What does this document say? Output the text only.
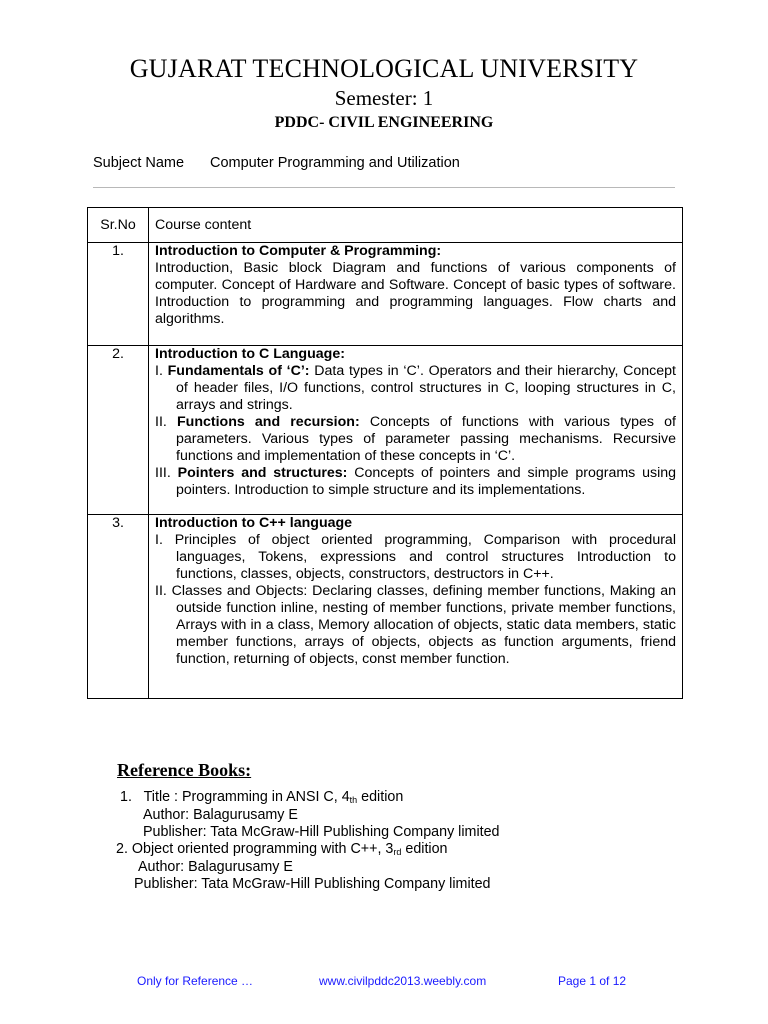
GUJARAT TECHNOLOGICAL UNIVERSITY
Semester: 1
PDDC- CIVIL ENGINEERING
Subject Name Computer Programming and Utilization
Sr.No	Course content
1.	Introduction to Computer & Programming:
Introduction, Basic block Diagram and functions of various components of computer. Concept of Hardware and Software. Concept of basic types of software. Introduction to programming and programming languages. Flow charts and algorithms.

2.	Introduction to C Language:
I. Fundamentals of ‘C’: Data types in ‘C’. Operators and their hierarchy, Concept of header files, I/O functions, control structures in C, looping structures in C, arrays and strings.
II. Functions and recursion: Concepts of functions with various types of parameters. Various types of parameter passing mechanisms. Recursive functions and implementation of these concepts in ‘C’.
III. Pointers and structures: Concepts of pointers and simple programs using pointers. Introduction to simple structure and its implementations.

3.	Introduction to C++ language
I. Principles of object oriented programming, Comparison with procedural languages, Tokens, expressions and control structures Introduction to functions, classes, objects, constructors, destructors in C++.
II. Classes and Objects: Declaring classes, defining member functions, Making an outside function inline, nesting of member functions, private member functions, Arrays with in a class, Memory allocation of objects, static data members, static member functions, arrays of objects, objects as function arguments, friend function, returning of objects, const member function.
Reference Books:
1. Title : Programming in ANSI C, $4_{th}$ edition
Author: Balagurusamy E
Publisher: Tata McGraw-Hill Publishing Company limited
2. Object oriented programming with C++, $3_{rd}$ edition
Author: Balagurusamy E
Publisher: Tata McGraw-Hill Publishing Company limited
Only for Reference …	www.civilpddc2013.weebly.com	Page 1 of 12
